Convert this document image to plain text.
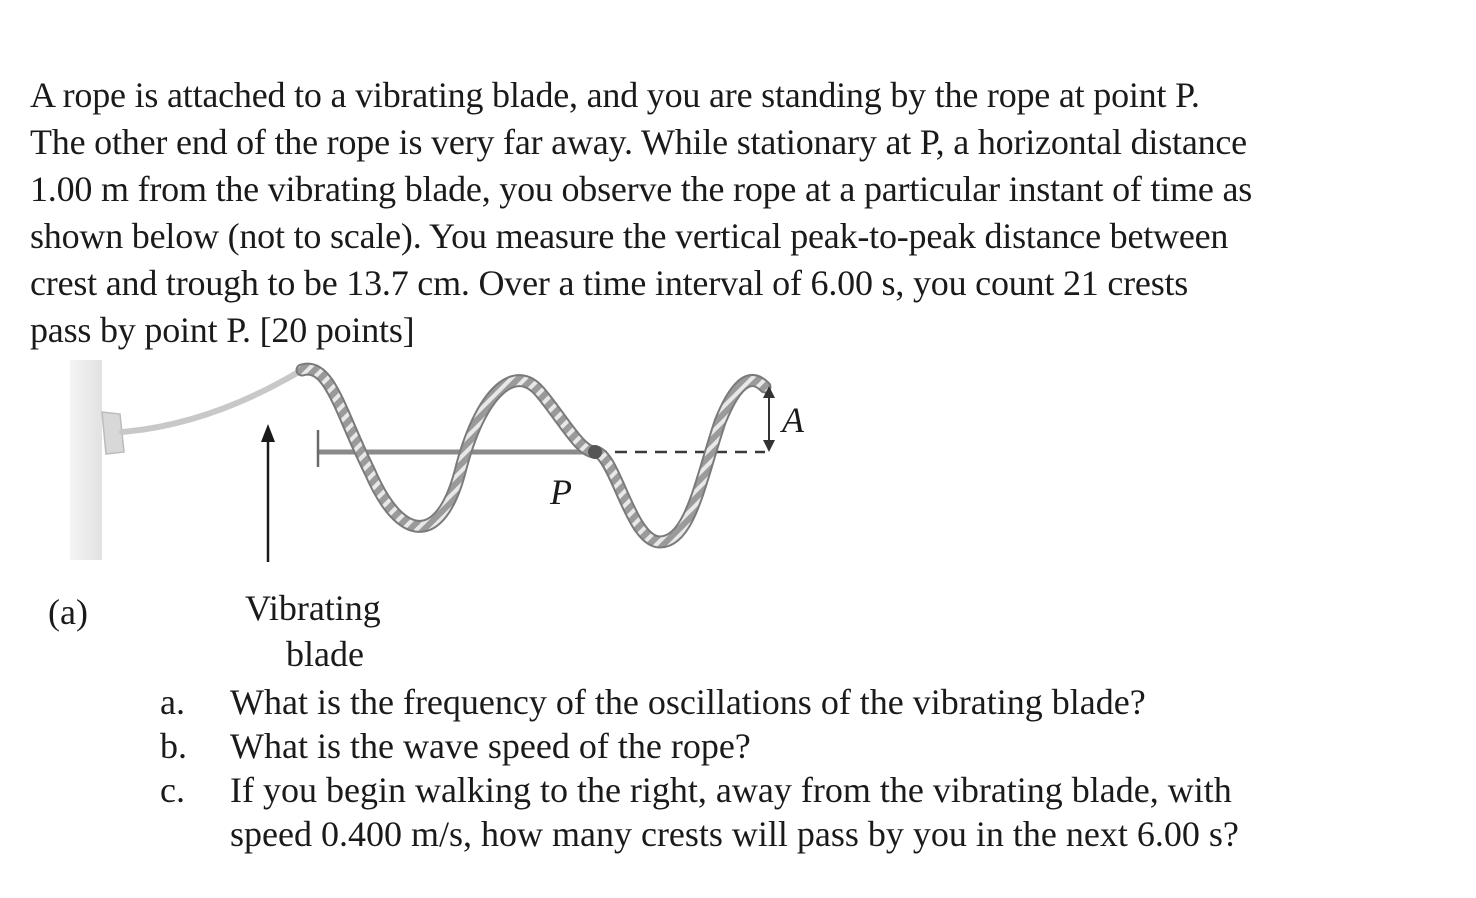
A rope is attached to a vibrating blade, and you are standing by the rope at point P.
The other end of the rope is very far away. While stationary at P, a horizontal distance
1.00 m from the vibrating blade, you observe the rope at a particular instant of time as
shown below (not to scale). You measure the vertical peak-to-peak distance between
crest and trough to be 13.7 cm. Over a time interval of 6.00 s, you count 21 crests
pass by point P. [20 points]
A
P
(a)	Vibrating
blade
a.	What is the frequency of the oscillations of the vibrating blade?
b.	What is the wave speed of the rope?
c.	If you begin walking to the right, away from the vibrating blade, with
speed 0.400 m/s, how many crests will pass by you in the next 6.00 s?
